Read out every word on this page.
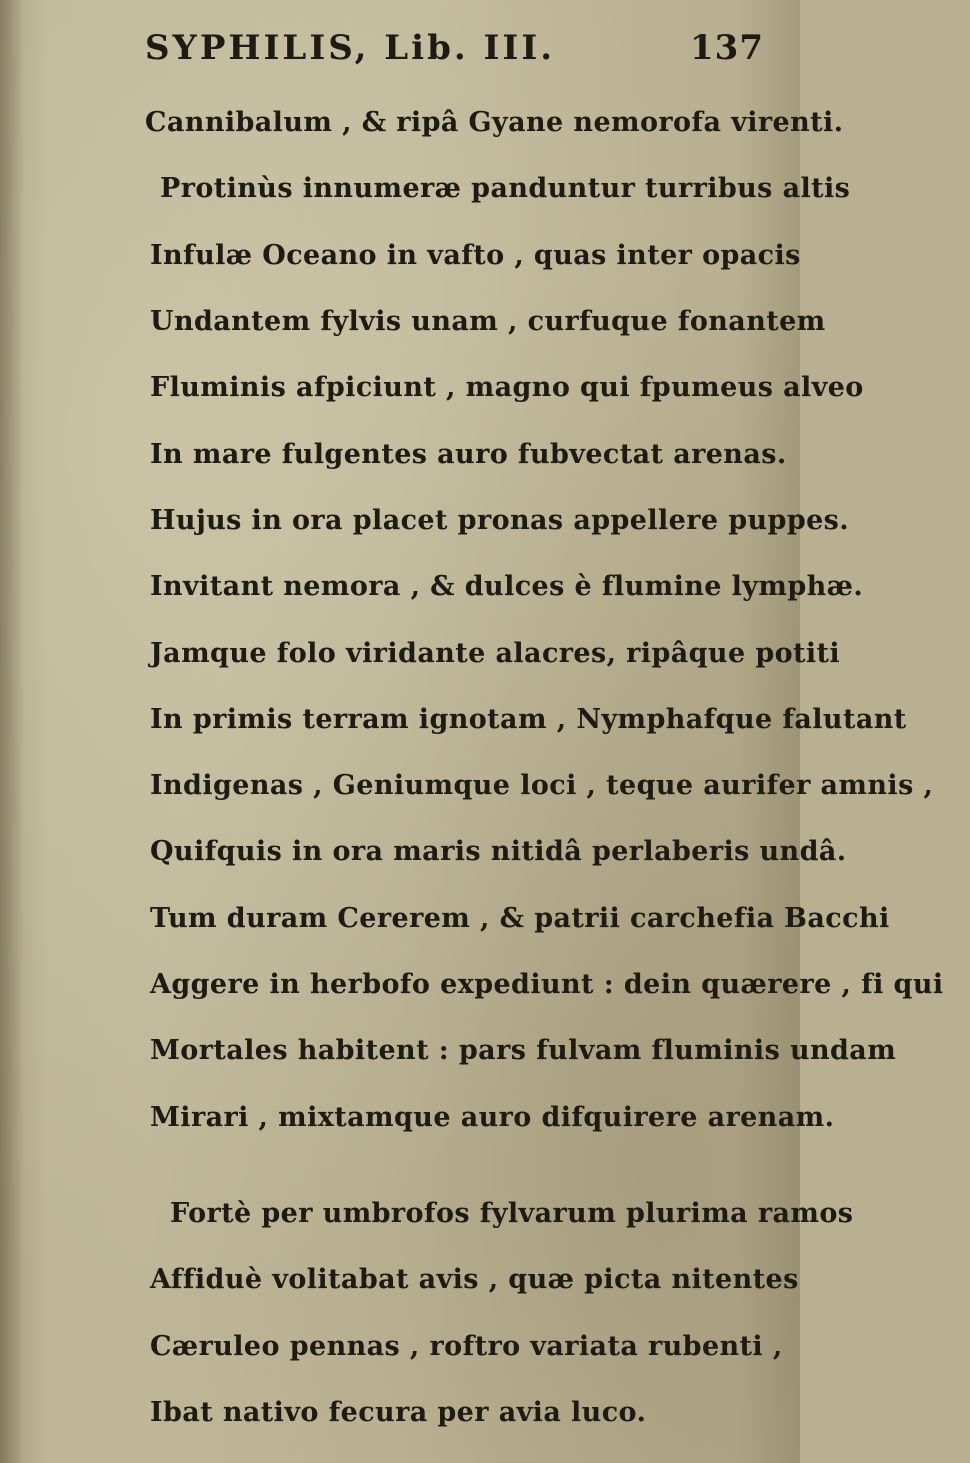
SYPHILIS, Lib. III.	137
Cannibalum , & ripâ Gyane nemorofa virenti.
Protinùs innumeræ panduntur turribus altis
Infulæ Oceano in vafto , quas inter opacis
Undantem fylvis unam , curfuque fonantem
Fluminis afpiciunt , magno qui fpumeus alveo
In mare fulgentes auro fubvectat arenas.
Hujus in ora placet pronas appellere puppes.
Invitant nemora , & dulces è flumine lymphæ.
Jamque folo viridante alacres, ripâque potiti
In primis terram ignotam , Nymphafque falutant
Indigenas , Geniumque loci , teque aurifer amnis ,
Quifquis in ora maris nitidâ perlaberis undâ.
Tum duram Cererem , & patrii carchefia Bacchi
Aggere in herbofo expediunt : dein quærere , fi qui
Mortales habitent : pars fulvam fluminis undam
Mirari , mixtamque auro difquirere arenam.
Fortè per umbrofos fylvarum plurima ramos
Affiduè volitabat avis , quæ picta nitentes
Cæruleo pennas , roftro variata rubenti ,
Ibat nativo fecura per avia luco.
